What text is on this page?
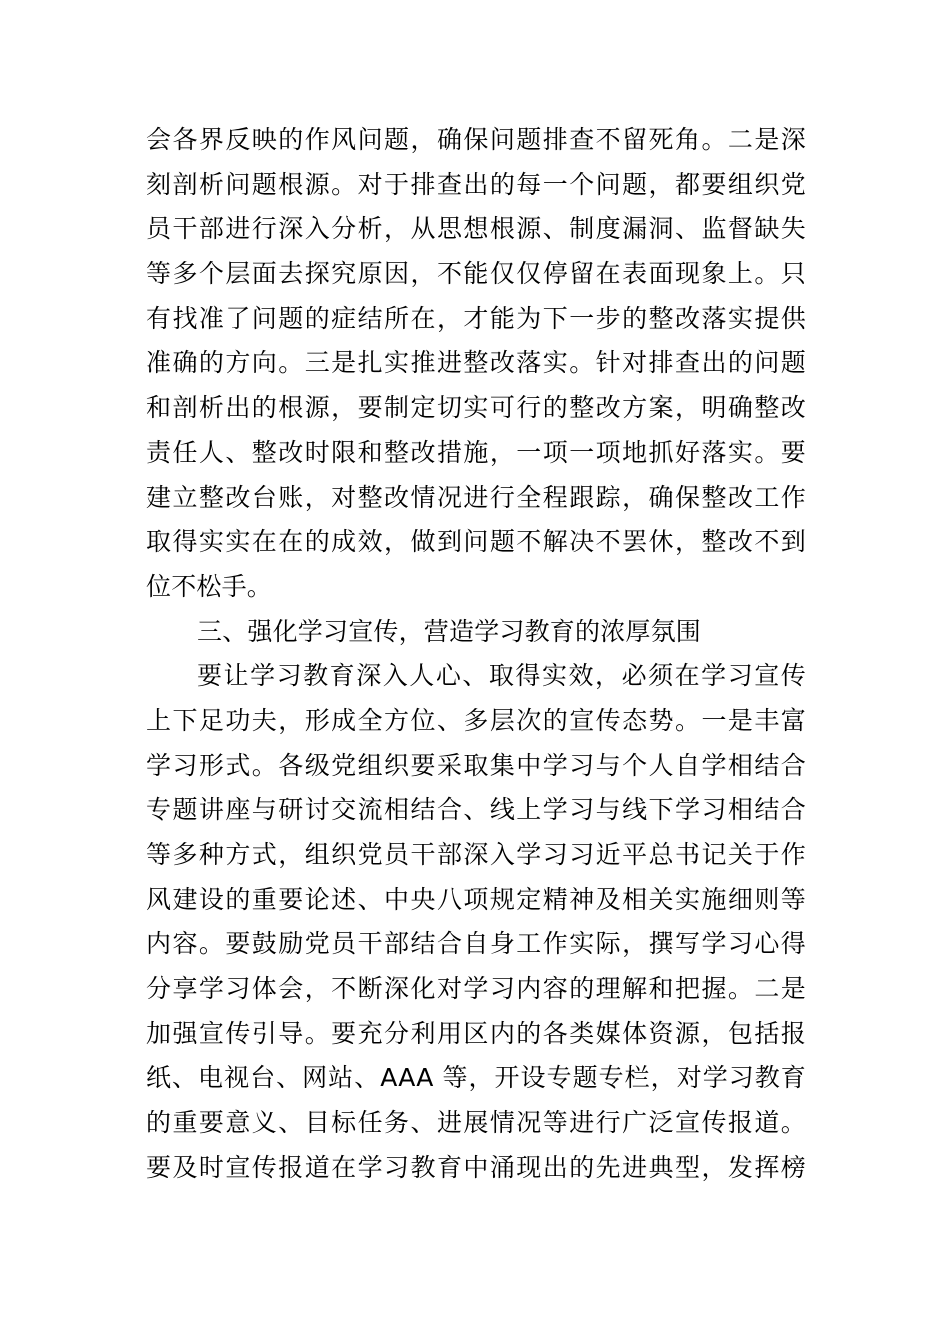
会各界反映的作风问题，确保问题排查不留死角。二是深
刻剖析问题根源。对于排查出的每一个问题，都要组织党
员干部进行深入分析，从思想根源、制度漏洞、监督缺失
等多个层面去探究原因，不能仅仅停留在表面现象上。只
有找准了问题的症结所在，才能为下一步的整改落实提供
准确的方向。三是扎实推进整改落实。针对排查出的问题
和剖析出的根源，要制定切实可行的整改方案，明确整改
责任人、整改时限和整改措施，一项一项地抓好落实。要
建立整改台账，对整改情况进行全程跟踪，确保整改工作
取得实实在在的成效，做到问题不解决不罢休，整改不到
位不松手。
三、强化学习宣传，营造学习教育的浓厚氛围
要让学习教育深入人心、取得实效，必须在学习宣传
上下足功夫，形成全方位、多层次的宣传态势。一是丰富
学习形式。各级党组织要采取集中学习与个人自学相结合
专题讲座与研讨交流相结合、线上学习与线下学习相结合
等多种方式，组织党员干部深入学习习近平总书记关于作
风建设的重要论述、中央八项规定精神及相关实施细则等
内容。要鼓励党员干部结合自身工作实际，撰写学习心得
分享学习体会，不断深化对学习内容的理解和把握。二是
加强宣传引导。要充分利用区内的各类媒体资源，包括报
纸、电视台、网站、AAA 等，开设专题专栏，对学习教育
的重要意义、目标任务、进展情况等进行广泛宣传报道。
要及时宣传报道在学习教育中涌现出的先进典型，发挥榜
